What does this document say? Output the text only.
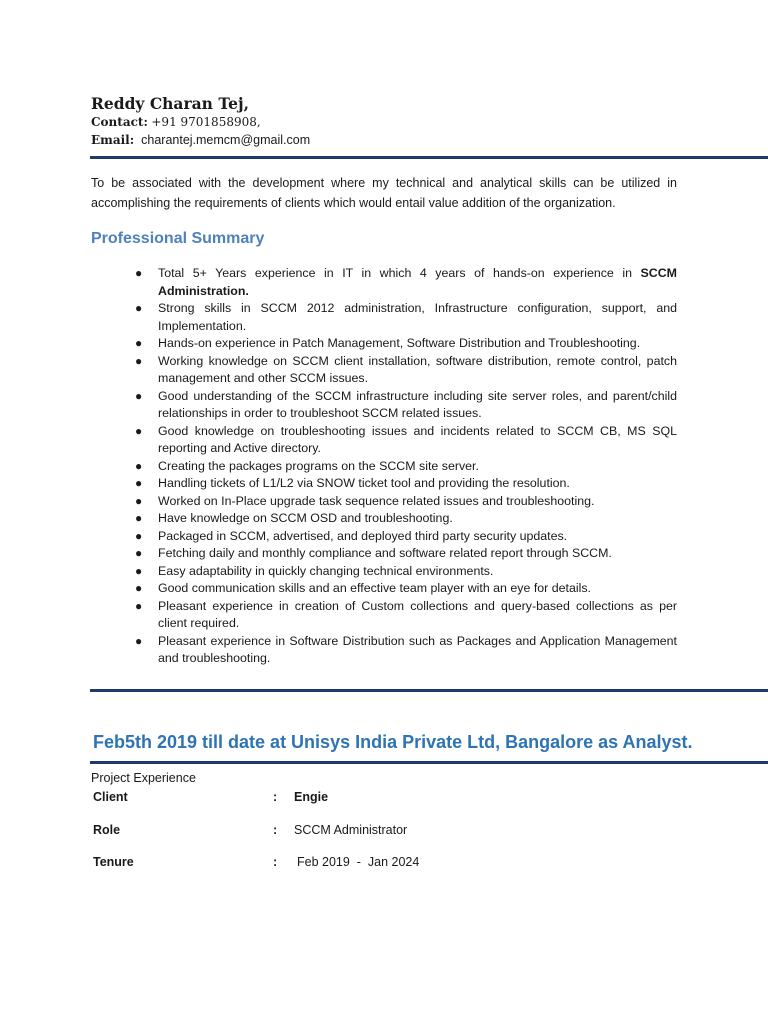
Reddy Charan Tej,
Contact: +91 9701858908,
Email: charantej.memcm@gmail.com
To be associated with the development where my technical and analytical skills can be utilized in accomplishing the requirements of clients which would entail value addition of the organization.
Professional Summary
● Total 5+ Years experience in IT in which 4 years of hands-on experience in SCCM Administration.
● Strong skills in SCCM 2012 administration, Infrastructure configuration, support, and Implementation.
● Hands-on experience in Patch Management, Software Distribution and Troubleshooting.
● Working knowledge on SCCM client installation, software distribution, remote control, patch management and other SCCM issues.
● Good understanding of the SCCM infrastructure including site server roles, and parent/child relationships in order to troubleshoot SCCM related issues.
● Good knowledge on troubleshooting issues and incidents related to SCCM CB, MS SQL reporting and Active directory.
● Creating the packages programs on the SCCM site server.
● Handling tickets of L1/L2 via SNOW ticket tool and providing the resolution.
● Worked on In-Place upgrade task sequence related issues and troubleshooting.
● Have knowledge on SCCM OSD and troubleshooting.
● Packaged in SCCM, advertised, and deployed third party security updates.
● Fetching daily and monthly compliance and software related report through SCCM.
● Easy adaptability in quickly changing technical environments.
● Good communication skills and an effective team player with an eye for details.
● Pleasant experience in creation of Custom collections and query-based collections as per client required.
● Pleasant experience in Software Distribution such as Packages and Application Management and troubleshooting.
Feb5th 2019 till date at Unisys India Private Ltd, Bangalore as Analyst.
Project Experience
Client	: Engie
Role	: SCCM Administrator
Tenure	: Feb 2019  -  Jan 2024
